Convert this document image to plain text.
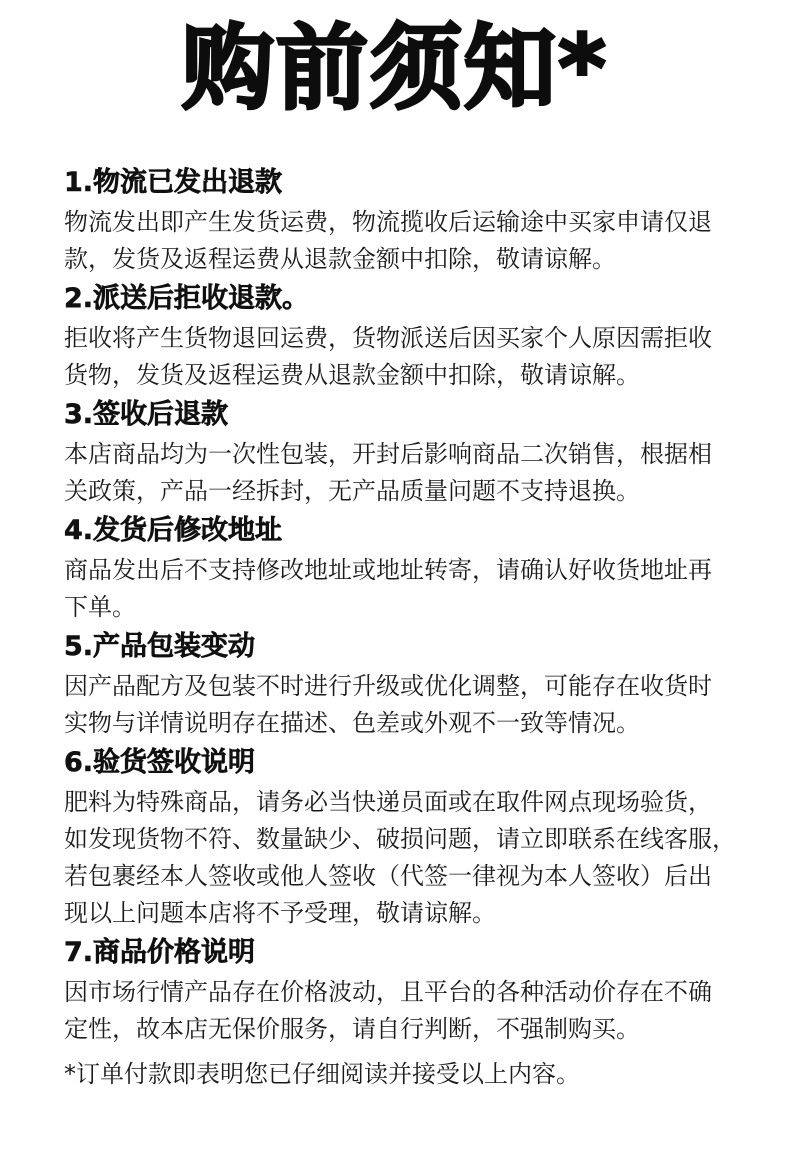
购前须知*
1.物流已发出退款
物流发出即产生发货运费，物流揽收后运输途中买家申请仅退
款，发货及返程运费从退款金额中扣除，敬请谅解。
2.派送后拒收退款。
拒收将产生货物退回运费，货物派送后因买家个人原因需拒收
货物，发货及返程运费从退款金额中扣除，敬请谅解。
3.签收后退款
本店商品均为一次性包装，开封后影响商品二次销售，根据相
关政策，产品一经拆封，无产品质量问题不支持退换。
4.发货后修改地址
商品发出后不支持修改地址或地址转寄，请确认好收货地址再
下单。
5.产品包装变动
因产品配方及包装不时进行升级或优化调整，可能存在收货时
实物与详情说明存在描述、色差或外观不一致等情况。
6.验货签收说明
肥料为特殊商品，请务必当快递员面或在取件网点现场验货，
如发现货物不符、数量缺少、破损问题，请立即联系在线客服，
若包裹经本人签收或他人签收（代签一律视为本人签收）后出
现以上问题本店将不予受理，敬请谅解。
7.商品价格说明
因市场行情产品存在价格波动，且平台的各种活动价存在不确
定性，故本店无保价服务，请自行判断，不强制购买。
*订单付款即表明您已仔细阅读并接受以上内容。
